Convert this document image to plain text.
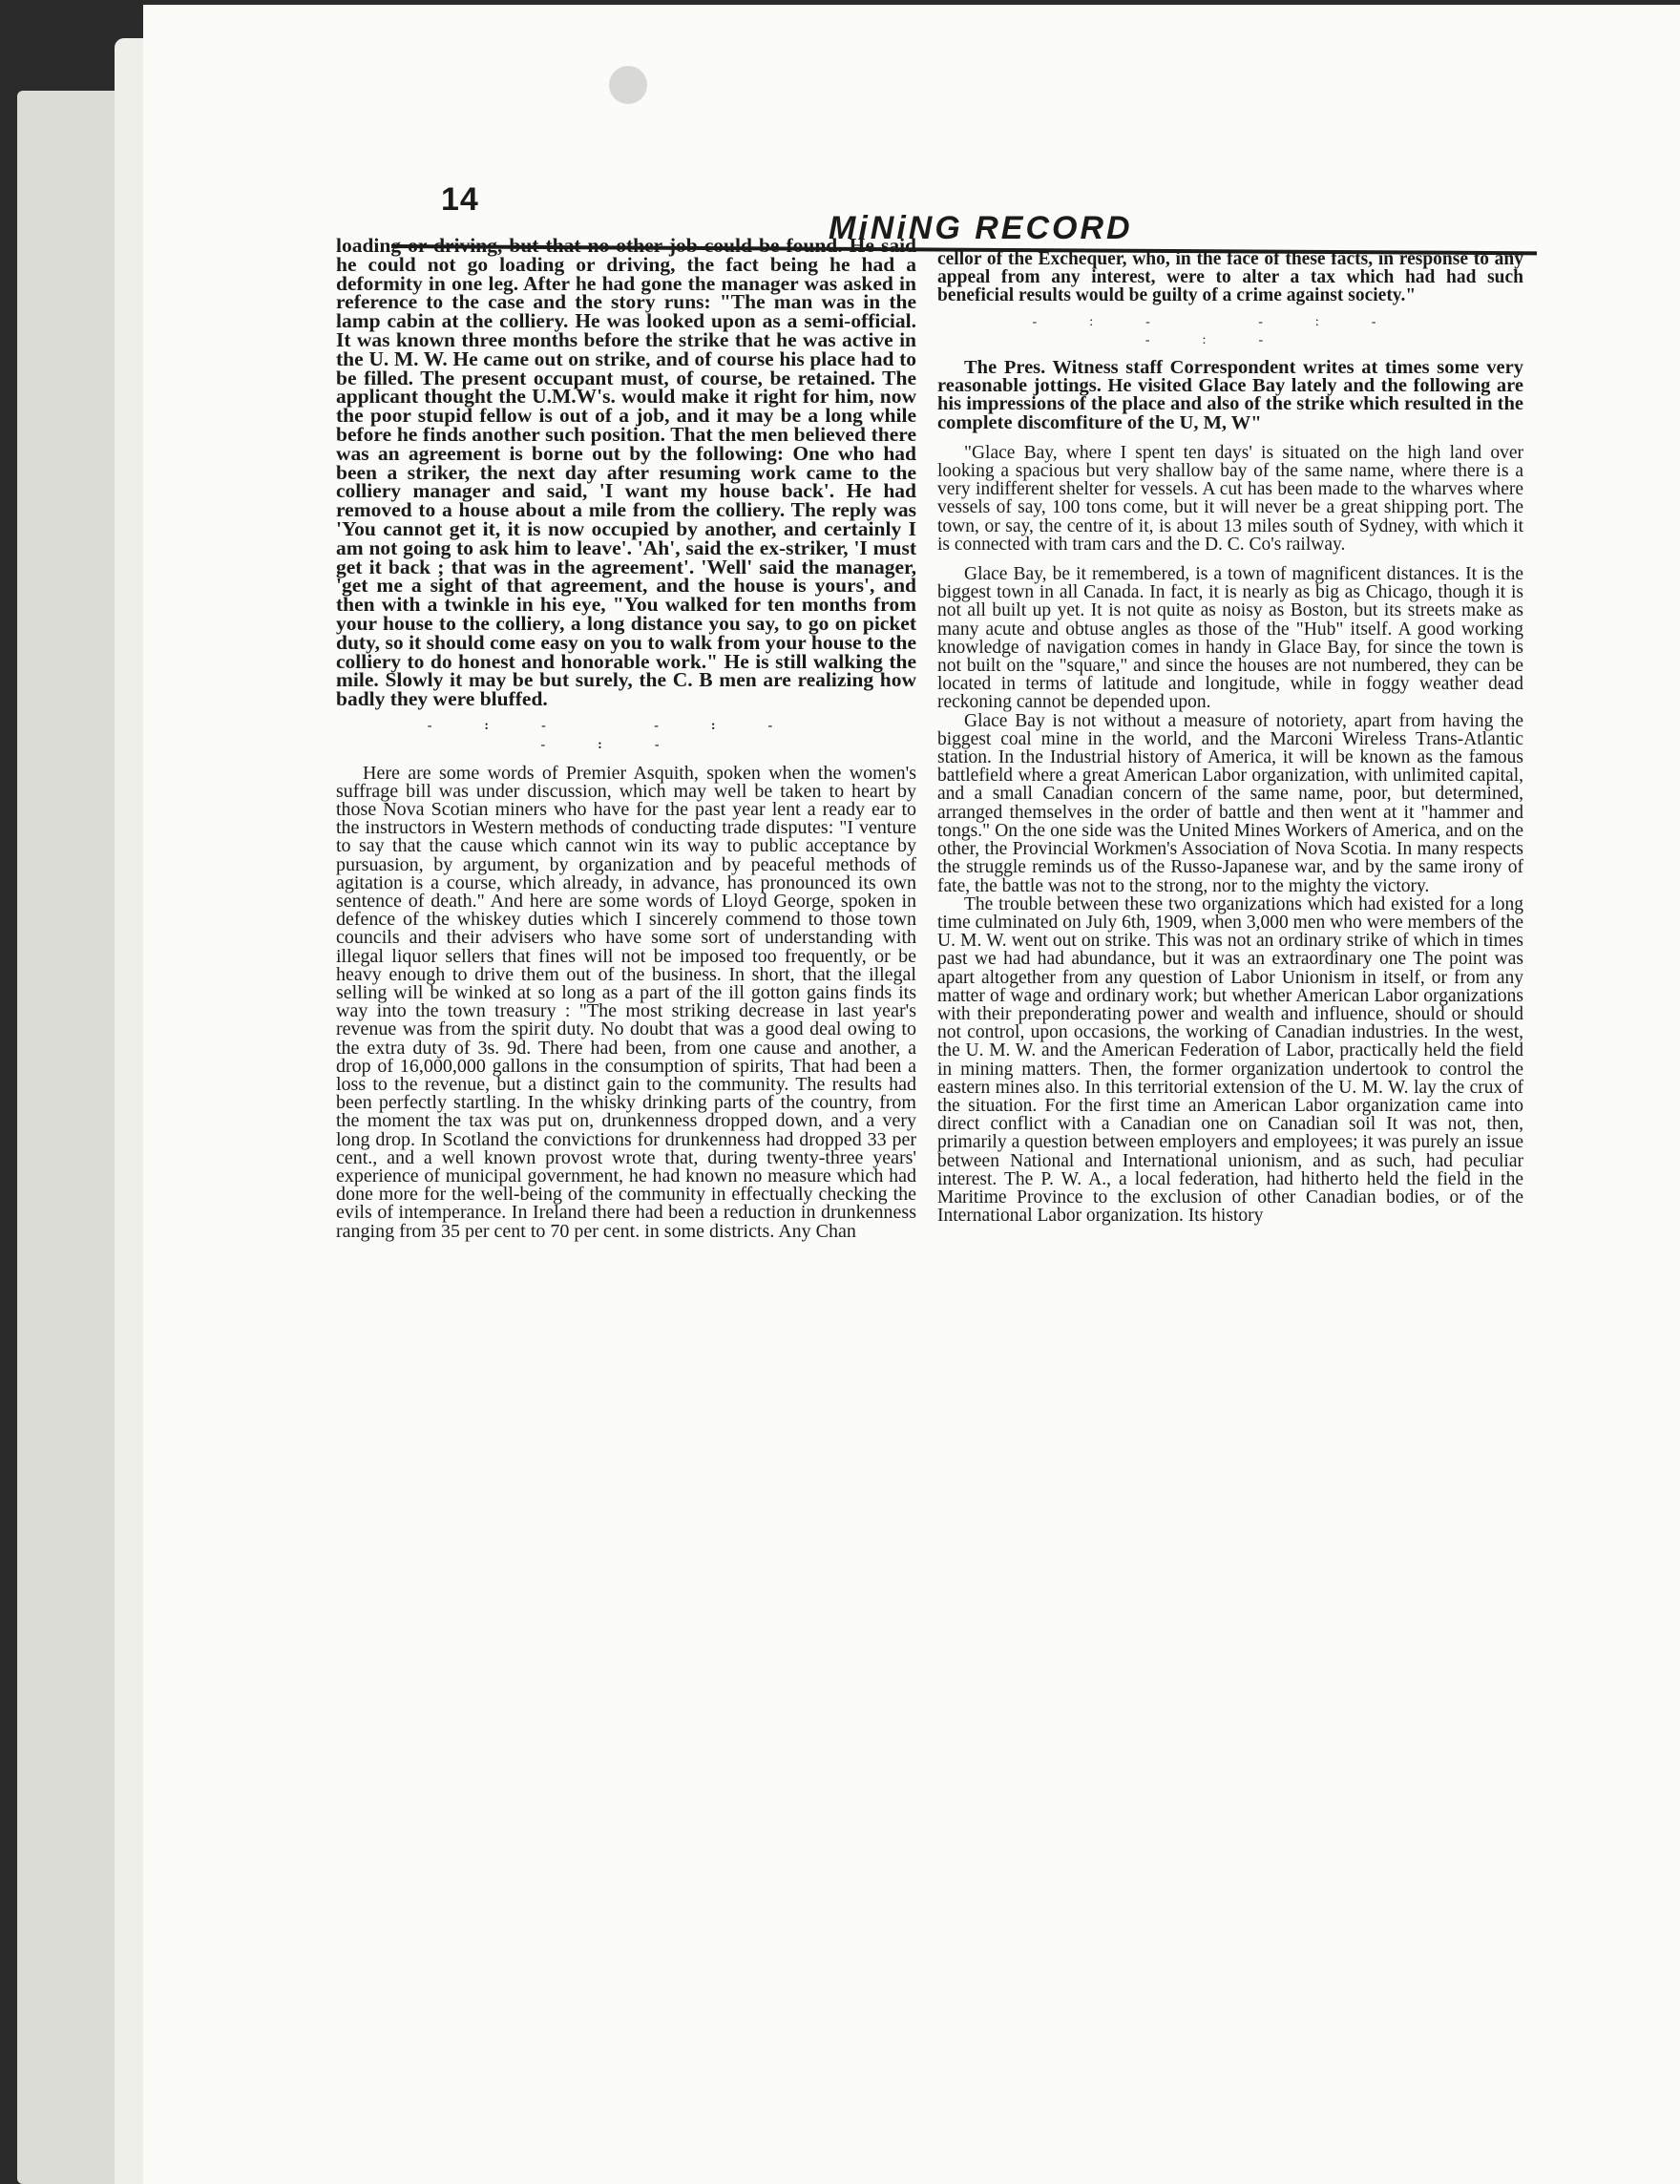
14
MiNiNG RECORD

loading or driving, but that no other job could be found. He said he could not go loading or driving, the fact being he had a deformity in one leg. After he had gone the manager was asked in reference to the case and the story runs: "The man was in the lamp cabin at the colliery. He was looked upon as a semi-official. It was known three months before the strike that he was active in the U. M. W. He came out on strike, and of course his place had to be filled. The present occupant must, of course, be retained. The applicant thought the U.M.W's. would make it right for him, now the poor stupid fellow is out of a job, and it may be a long while before he finds another such position. That the men believed there was an agreement is borne out by the following: One who had been a striker, the next day after resuming work came to the colliery manager and said, 'I want my house back'. He had removed to a house about a mile from the colliery. The reply was 'You cannot get it, it is now occupied by another, and certainly I am not going to ask him to leave'. 'Ah', said the ex-striker, 'I must get it back ; that was in the agreement'. 'Well' said the manager, 'get me a sight of that agreement, and the house is yours', and then with a twinkle in his eye, "You walked for ten months from your house to the colliery, a long distance you say, to go on picket duty, so it should come easy on you to walk from your house to the colliery to do honest and honorable work." He is still walking the mile. Slowly it may be but surely, the C. B men are realizing how badly they were bluffed.

-:- -:- -:-

Here are some words of Premier Asquith, spoken when the women's suffrage bill was under discussion, which may well be taken to heart by those Nova Scotian miners who have for the past year lent a ready ear to the instructors in Western methods of conducting trade disputes: "I venture to say that the cause which cannot win its way to public acceptance by pursuasion, by argument, by organization and by peaceful methods of agitation is a course, which already, in advance, has pronounced its own sentence of death." And here are some words of Lloyd George, spoken in defence of the whiskey duties which I sincerely commend to those town councils and their advisers who have some sort of understanding with illegal liquor sellers that fines will not be imposed too frequently, or be heavy enough to drive them out of the business. In short, that the illegal selling will be winked at so long as a part of the ill gotton gains finds its way into the town treasury : "The most striking decrease in last year's revenue was from the spirit duty. No doubt that was a good deal owing to the extra duty of 3s. 9d. There had been, from one cause and another, a drop of 16,000,000 gallons in the consumption of spirits, That had been a loss to the revenue, but a distinct gain to the community. The results had been perfectly startling. In the whisky drinking parts of the country, from the moment the tax was put on, drunkenness dropped down, and a very long drop. In Scotland the convictions for drunkenness had dropped 33 per cent., and a well known provost wrote that, during twenty-three years' experience of municipal government, he had known no measure which had done more for the well-being of the community in effectually checking the evils of intemperance. In Ireland there had been a reduction in drunkenness ranging from 35 per cent to 70 per cent. in some districts. Any Chan

cellor of the Exchequer, who, in the face of these facts, in response to any appeal from any interest, were to alter a tax which had had such beneficial results would be guilty of a crime against society."

-:- -:- -:-

The Pres. Witness staff Correspondent writes at times some very reasonable jottings. He visited Glace Bay lately and the following are his impressions of the place and also of the strike which resulted in the complete discomfiture of the U, M, W"

"Glace Bay, where I spent ten days' is situated on the high land over looking a spacious but very shallow bay of the same name, where there is a very indifferent shelter for vessels. A cut has been made to the wharves where vessels of say, 100 tons come, but it will never be a great shipping port. The town, or say, the centre of it, is about 13 miles south of Sydney, with which it is connected with tram cars and the D. C. Co's railway.

Glace Bay, be it remembered, is a town of magnificent distances. It is the biggest town in all Canada. In fact, it is nearly as big as Chicago, though it is not all built up yet. It is not quite as noisy as Boston, but its streets make as many acute and obtuse angles as those of the "Hub" itself. A good working knowledge of navigation comes in handy in Glace Bay, for since the town is not built on the "square," and since the houses are not numbered, they can be located in terms of latitude and longitude, while in foggy weather dead reckoning cannot be depended upon.

Glace Bay is not without a measure of notoriety, apart from having the biggest coal mine in the world, and the Marconi Wireless Trans-Atlantic station. In the Industrial history of America, it will be known as the famous battlefield where a great American Labor organization, with unlimited capital, and a small Canadian concern of the same name, poor, but determined, arranged themselves in the order of battle and then went at it "hammer and tongs." On the one side was the United Mines Workers of America, and on the other, the Provincial Workmen's Association of Nova Scotia. In many respects the struggle reminds us of the Russo-Japanese war, and by the same irony of fate, the battle was not to the strong, nor to the mighty the victory.

The trouble between these two organizations which had existed for a long time culminated on July 6th, 1909, when 3,000 men who were members of the U. M. W. went out on strike. This was not an ordinary strike of which in times past we had had abundance, but it was an extraordinary one The point was apart altogether from any question of Labor Unionism in itself, or from any matter of wage and ordinary work; but whether American Labor organizations with their preponderating power and wealth and influence, should or should not control, upon occasions, the working of Canadian industries. In the west, the U. M. W. and the American Federation of Labor, practically held the field in mining matters. Then, the former organization undertook to control the eastern mines also. In this territorial extension of the U. M. W. lay the crux of the situation. For the first time an American Labor organization came into direct conflict with a Canadian one on Canadian soil It was not, then, primarily a question between employers and employees; it was purely an issue between National and International unionism, and as such, had peculiar interest. The P. W. A., a local federation, had hitherto held the field in the Maritime Province to the exclusion of other Canadian bodies, or of the International Labor organization. Its history
